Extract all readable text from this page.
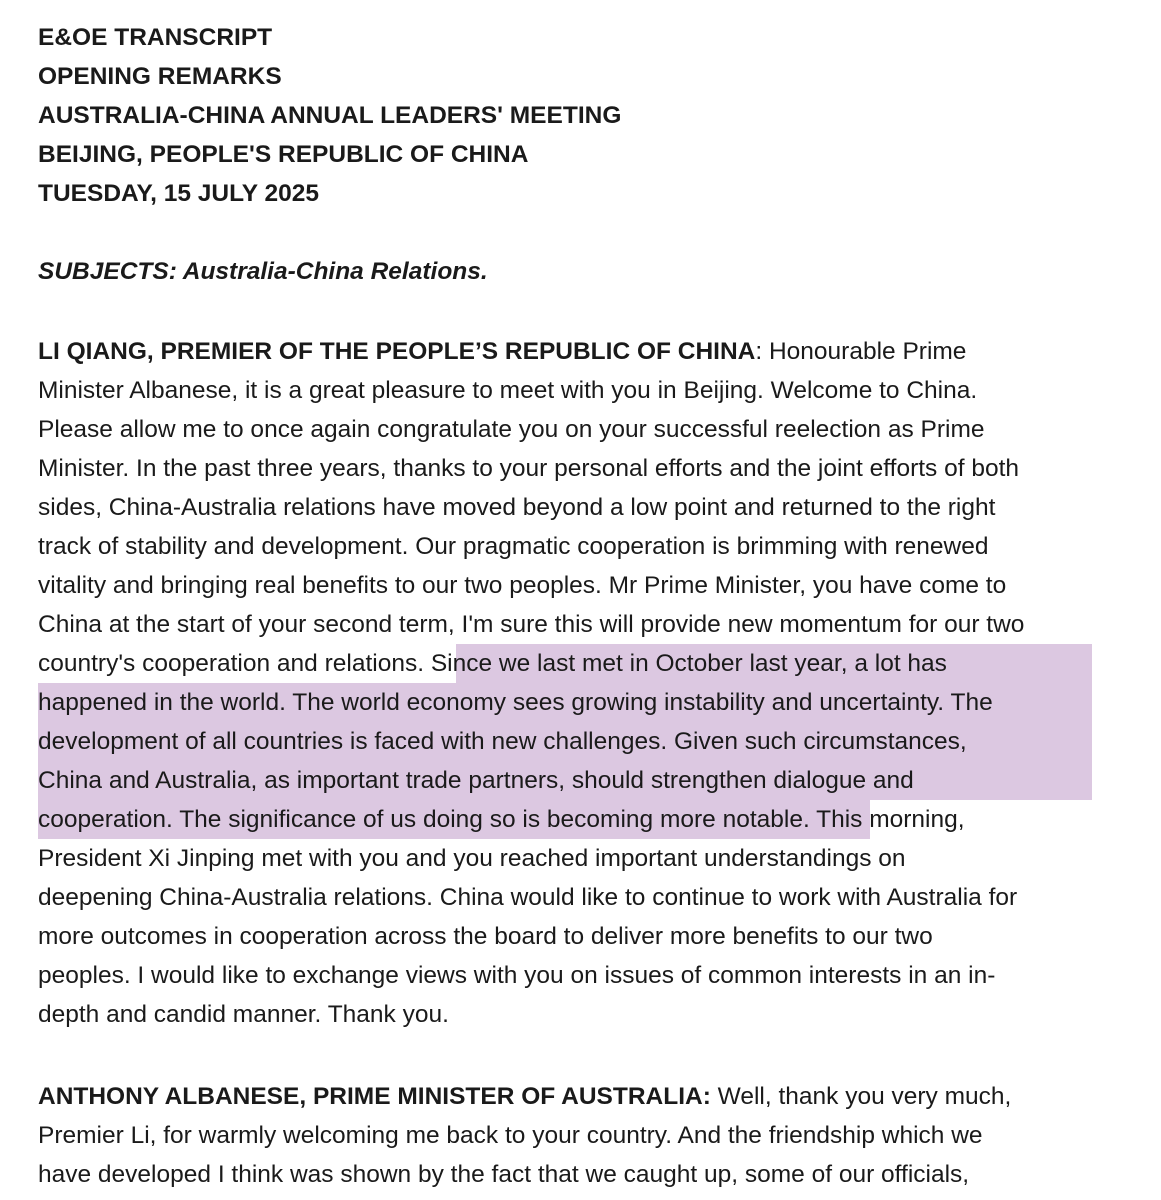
E&OE TRANSCRIPT

OPENING REMARKS

AUSTRALIA-CHINA ANNUAL LEADERS' MEETING

BEIJING, PEOPLE'S REPUBLIC OF CHINA

TUESDAY, 15 JULY 2025

SUBJECTS: Australia-China Relations.

LI QIANG, PREMIER OF THE PEOPLE’S REPUBLIC OF CHINA: Honourable Prime

Minister Albanese, it is a great pleasure to meet with you in Beijing. Welcome to China.

Please allow me to once again congratulate you on your successful reelection as Prime

Minister. In the past three years, thanks to your personal efforts and the joint efforts of both

sides, China-Australia relations have moved beyond a low point and returned to the right

track of stability and development. Our pragmatic cooperation is brimming with renewed

vitality and bringing real benefits to our two peoples. Mr Prime Minister, you have come to

China at the start of your second term, I'm sure this will provide new momentum for our two

country's cooperation and relations. Since we last met in October last year, a lot has

happened in the world. The world economy sees growing instability and uncertainty. The

development of all countries is faced with new challenges. Given such circumstances,

China and Australia, as important trade partners, should strengthen dialogue and

cooperation. The significance of us doing so is becoming more notable. This morning,

President Xi Jinping met with you and you reached important understandings on

deepening China-Australia relations. China would like to continue to work with Australia for

more outcomes in cooperation across the board to deliver more benefits to our two

peoples. I would like to exchange views with you on issues of common interests in an in-

depth and candid manner. Thank you.

ANTHONY ALBANESE, PRIME MINISTER OF AUSTRALIA: Well, thank you very much,

Premier Li, for warmly welcoming me back to your country. And the friendship which we

have developed I think was shown by the fact that we caught up, some of our officials,
